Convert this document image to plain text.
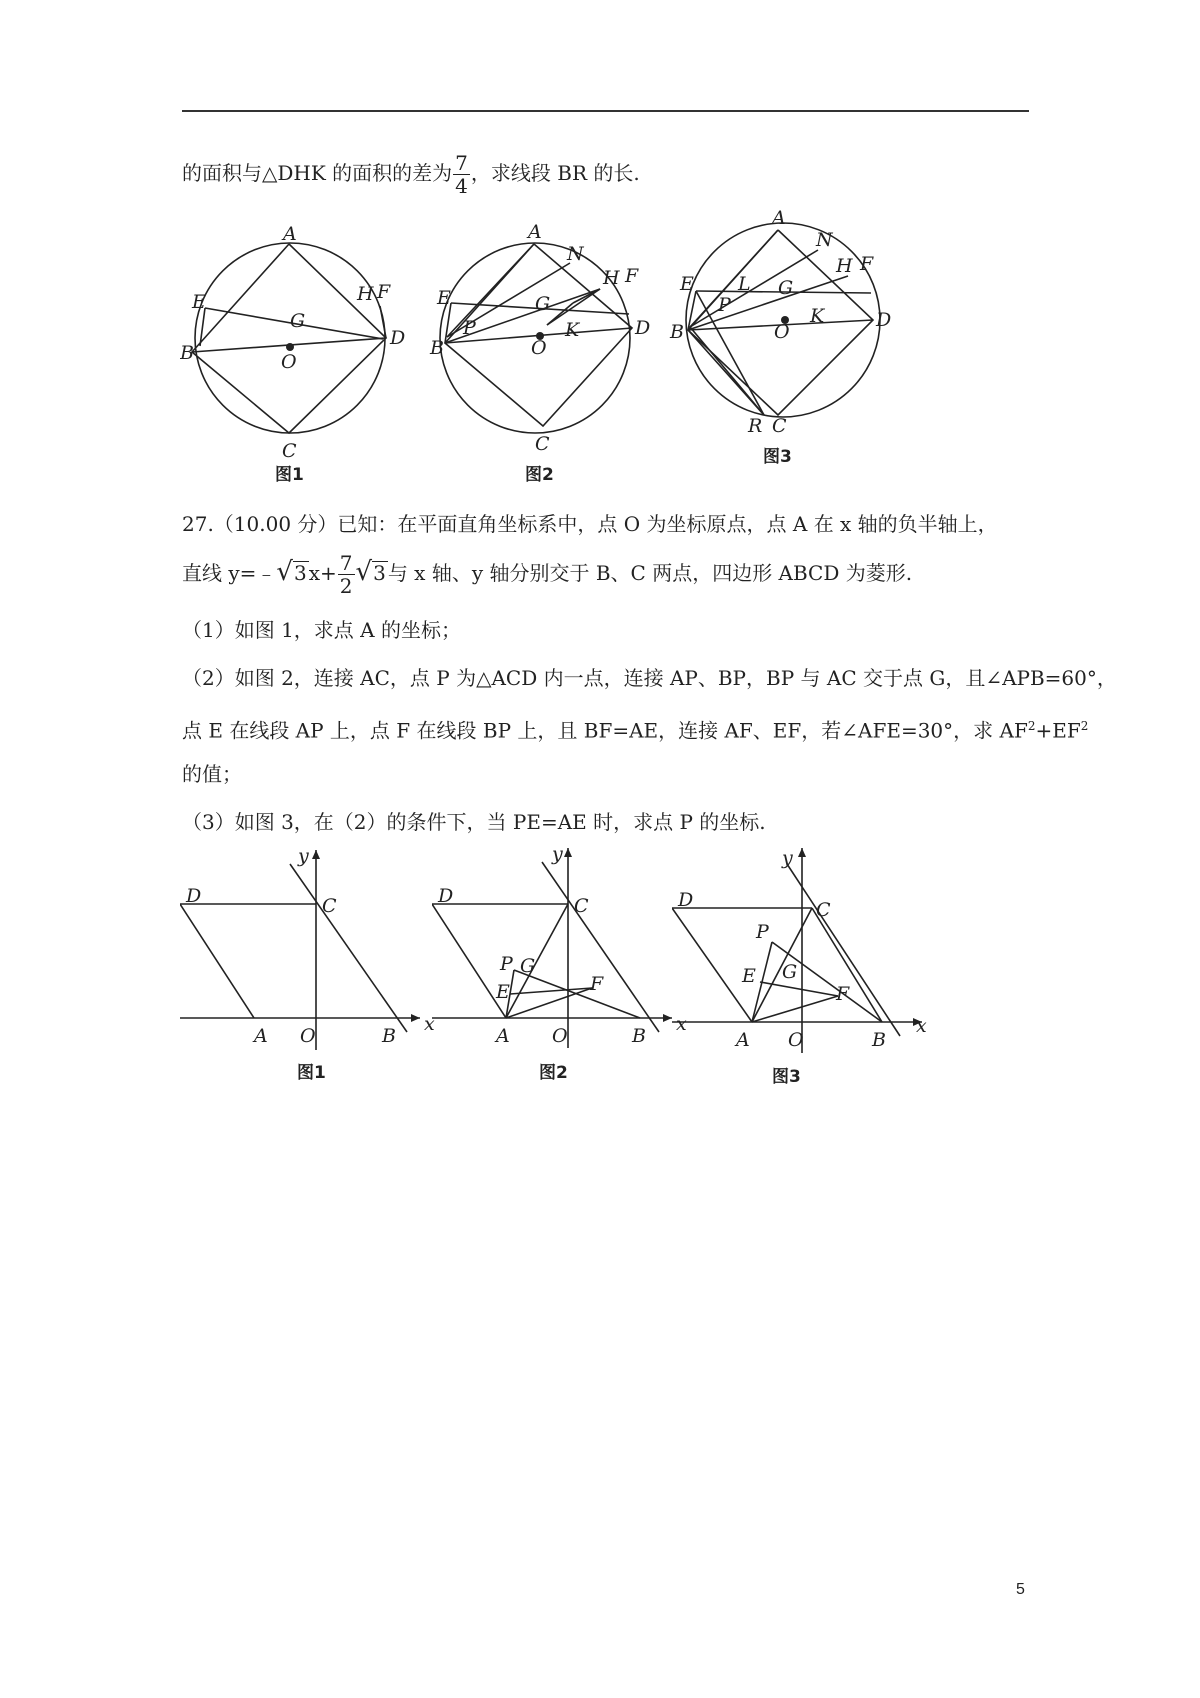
的面积与△DHK 的面积的差为 $\frac{7}{4}$ ，求线段 BR 的长.
A
B
C
D
E	H F
G
O
图1
A
N
B
C
D
E
H F
G
P	K
O
图2
A
N
B
C
D
E L
H F
G
P	K
O
R
图3
27.（10.00 分）已知：在平面直角坐标系中，点 O 为坐标原点，点 A 在 x 轴的负半轴上，
直线 y=﹣√3 $x+ \frac{7}{2} √3$ 与 x 轴、y 轴分别交于 B、C 两点，四边形 ABCD 为菱形.
（1）如图 1，求点 A 的坐标；
（2）如图 2，连接 AC，点 P 为△ACD 内一点，连接 AP、BP，BP 与 AC 交于点 G，且∠APB=60°，
点 E 在线段 AP 上，点 F 在线段 BP 上，且 BF=AE，连接 AF、EF，若∠AFE=30°，求 $AF^2+EF^2$
的值；
（3）如图 3，在（2）的条件下，当 PE=AE 时，求点 P 的坐标.
D	C
y
x
A O	B
图1
D	C
y
x
A O	B
P G
E	F
图2
D	C
y
x
A O	B
P
G
E
F
图3
5
